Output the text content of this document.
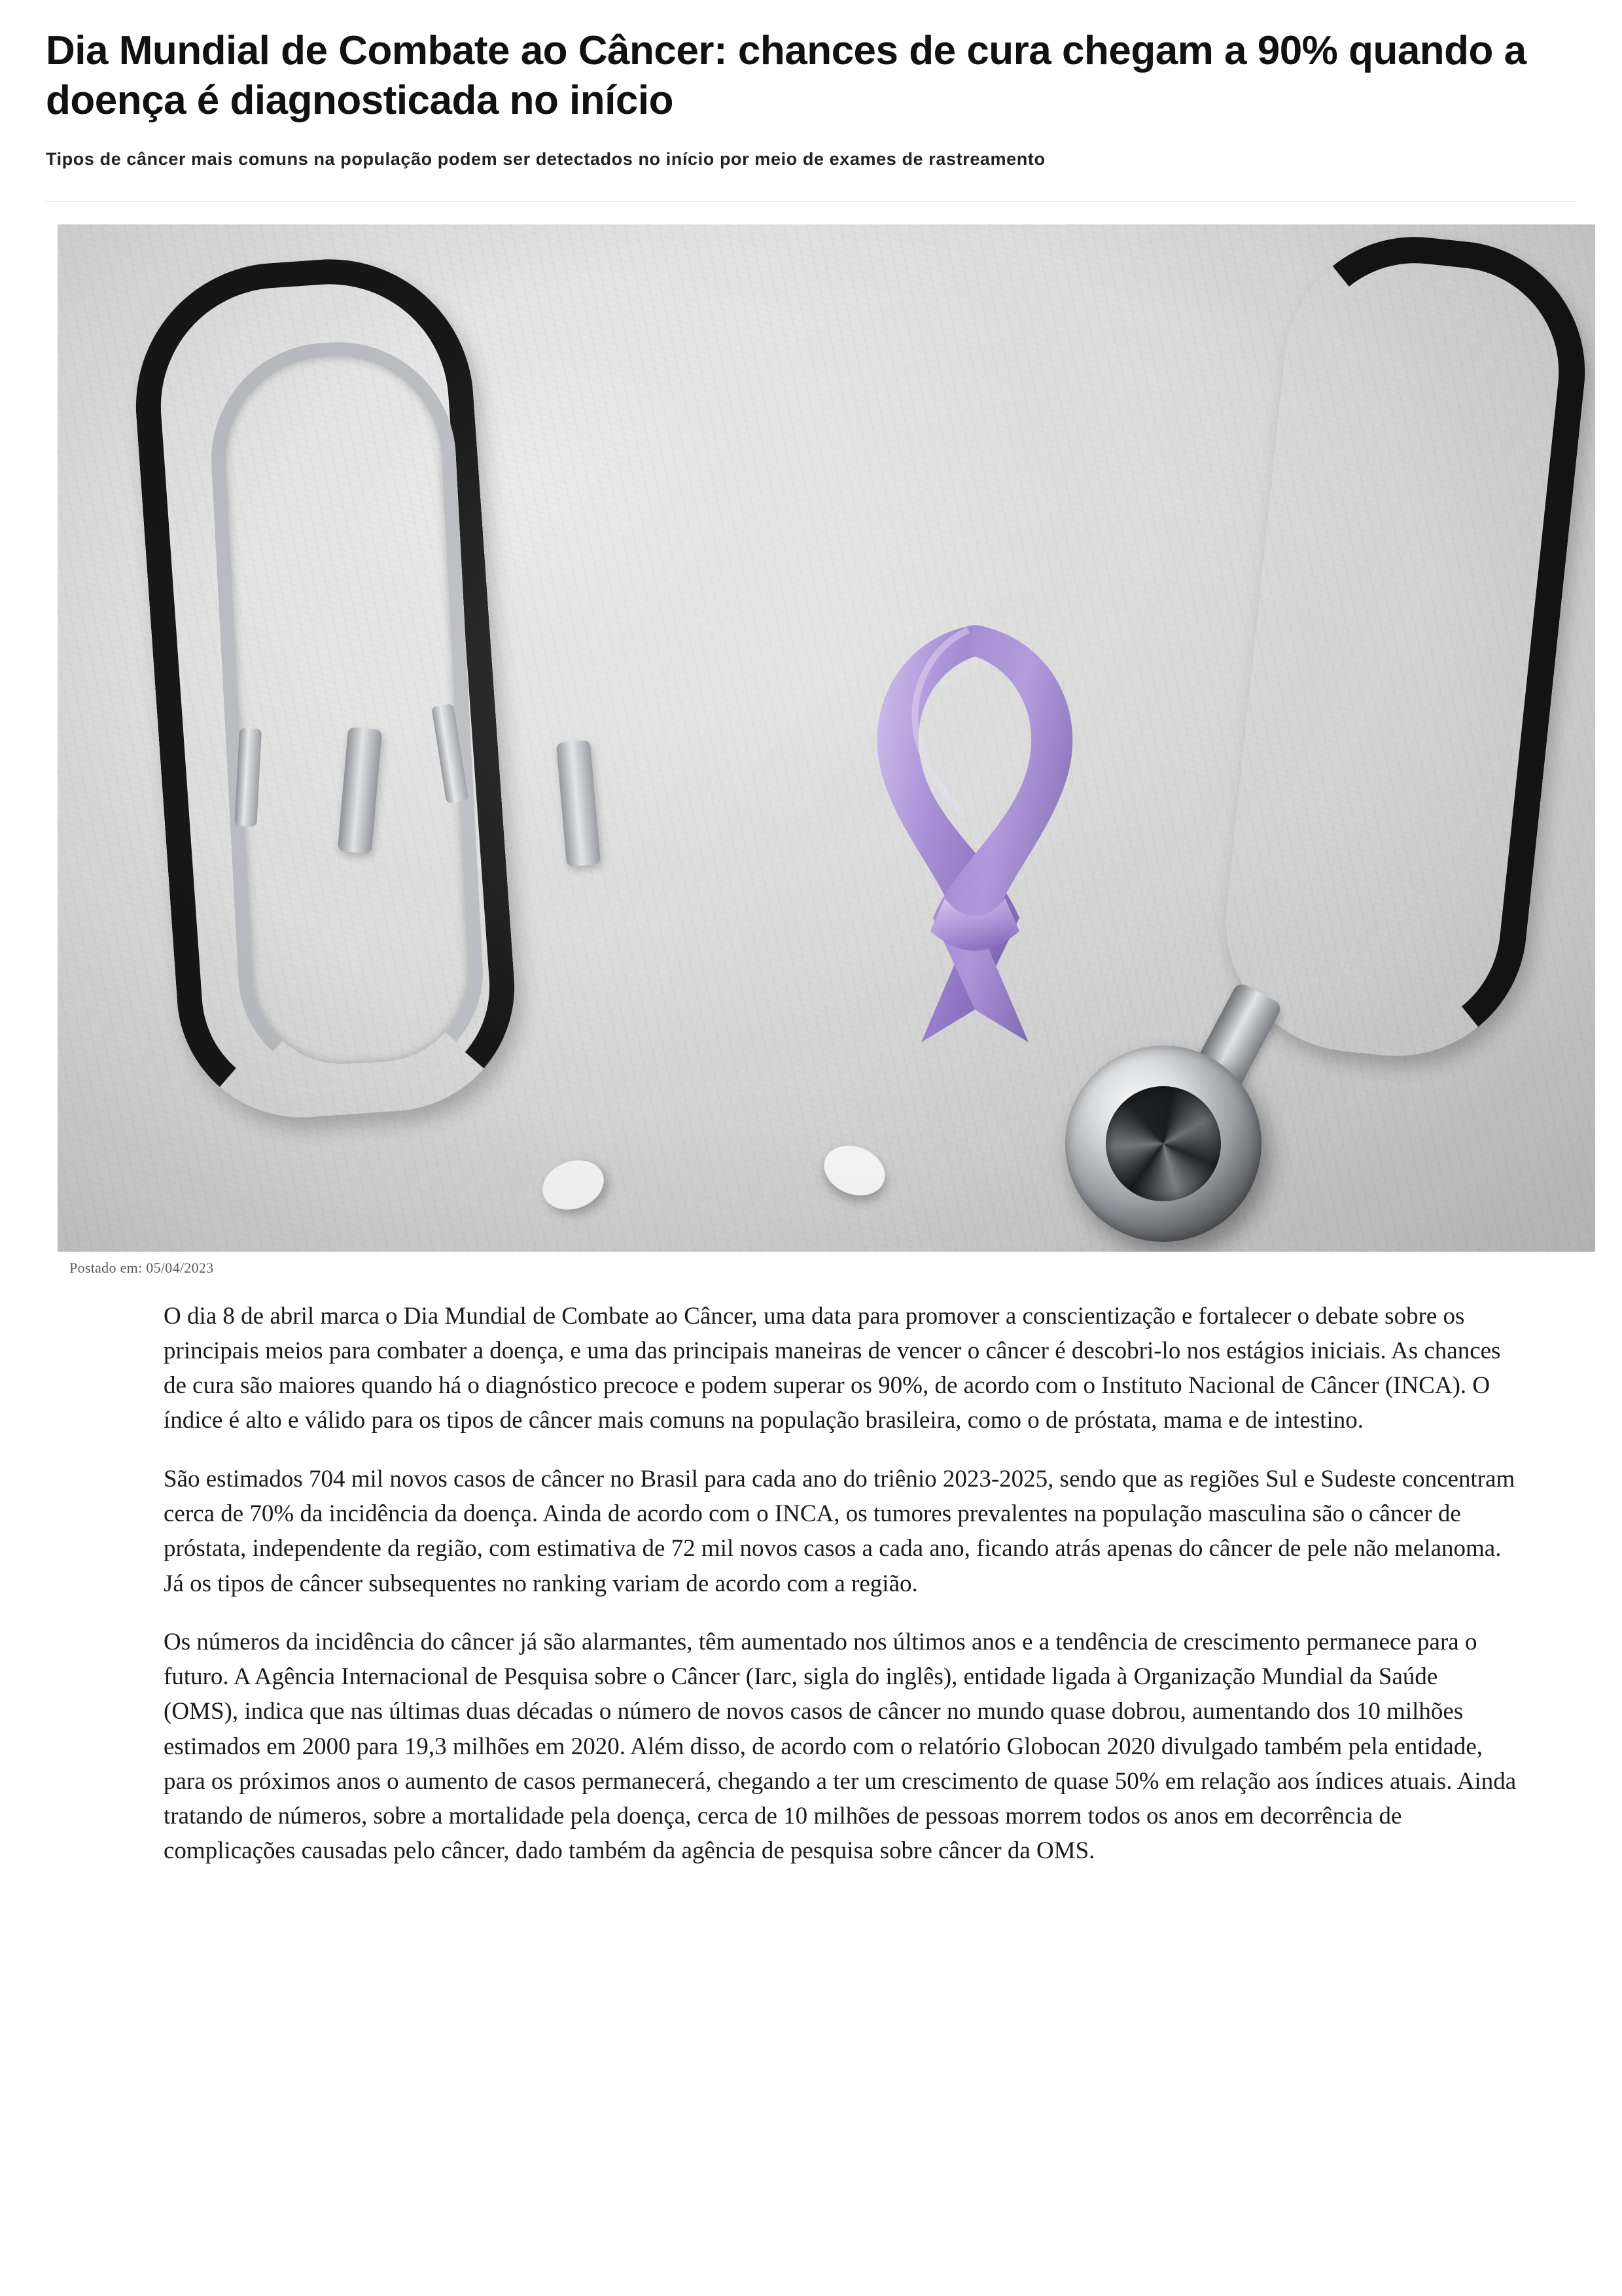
Dia Mundial de Combate ao Câncer: chances de cura chegam a 90% quando a doença é diagnosticada no início
Tipos de câncer mais comuns na população podem ser detectados no início por meio de exames de rastreamento
Postado em: 05/04/2023

O dia 8 de abril marca o Dia Mundial de Combate ao Câncer, uma data para promover a conscientização e fortalecer o debate sobre os principais meios para combater a doença, e uma das principais maneiras de vencer o câncer é descobri-lo nos estágios iniciais. As chances de cura são maiores quando há o diagnóstico precoce e podem superar os 90%, de acordo com o Instituto Nacional de Câncer (INCA). O índice é alto e válido para os tipos de câncer mais comuns na população brasileira, como o de próstata, mama e de intestino.

São estimados 704 mil novos casos de câncer no Brasil para cada ano do triênio 2023-2025, sendo que as regiões Sul e Sudeste concentram cerca de 70% da incidência da doença. Ainda de acordo com o INCA, os tumores prevalentes na população masculina são o câncer de próstata, independente da região, com estimativa de 72 mil novos casos a cada ano, ficando atrás apenas do câncer de pele não melanoma. Já os tipos de câncer subsequentes no ranking variam de acordo com a região.

Os números da incidência do câncer já são alarmantes, têm aumentado nos últimos anos e a tendência de crescimento permanece para o futuro. A Agência Internacional de Pesquisa sobre o Câncer (Iarc, sigla do inglês), entidade ligada à Organização Mundial da Saúde (OMS), indica que nas últimas duas décadas o número de novos casos de câncer no mundo quase dobrou, aumentando dos 10 milhões estimados em 2000 para 19,3 milhões em 2020. Além disso, de acordo com o relatório Globocan 2020 divulgado também pela entidade, para os próximos anos o aumento de casos permanecerá, chegando a ter um crescimento de quase 50% em relação aos índices atuais. Ainda tratando de números, sobre a mortalidade pela doença, cerca de 10 milhões de pessoas morrem todos os anos em decorrência de complicações causadas pelo câncer, dado também da agência de pesquisa sobre câncer da OMS.
